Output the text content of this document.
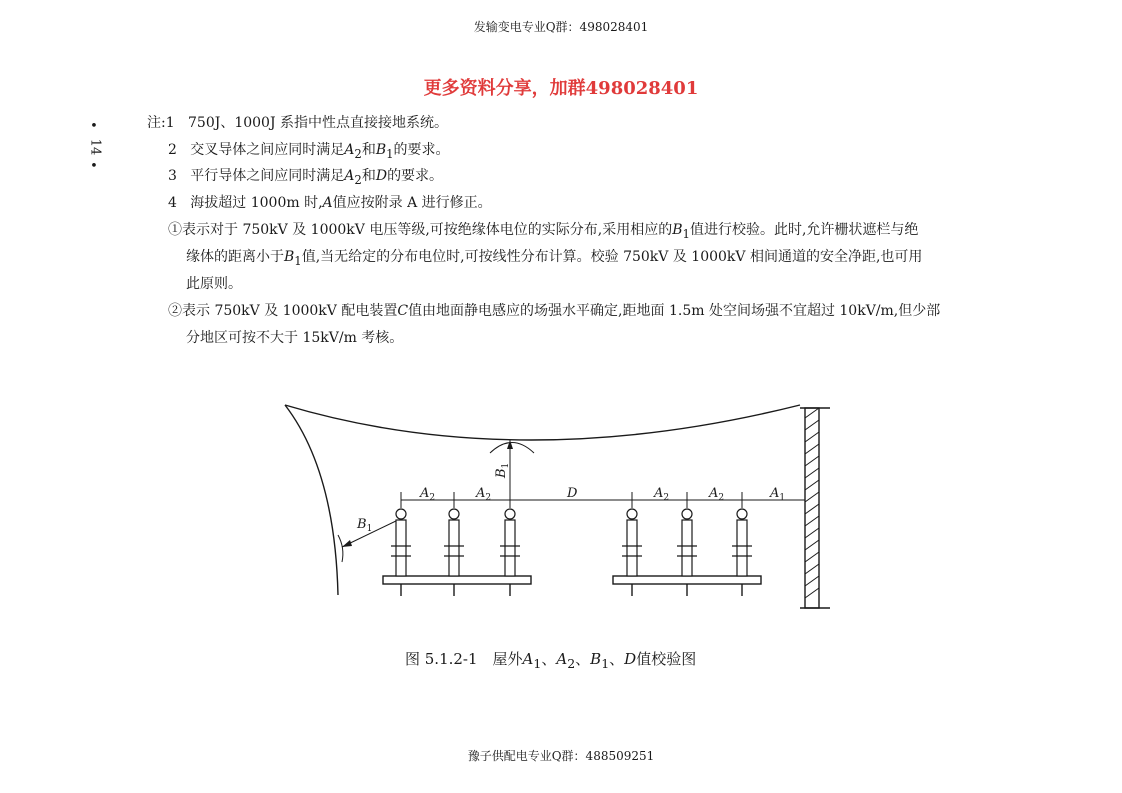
发输变电专业Q群：498028401
更多资料分享，加群498028401
•
14
•
注:1 750J、1000J 系指中性点直接接地系统。
2 交叉导体之间应同时满足$A_2$和$B_1$的要求。
3 平行导体之间应同时满足$A_2$和D的要求。
4 海拔超过 1000m 时,A值应按附录 A 进行修正。
①表示对于 750kV 及 1000kV 电压等级,可按绝缘体电位的实际分布,采用相应的$B_1$值进行校验。此时,允许栅状遮栏与绝
缘体的距离小于$B_1$值,当无给定的分布电位时,可按线性分布计算。校验 750kV 及 1000kV 相间通道的安全净距,也可用
此原则。
②表示 750kV 及 1000kV 配电装置C值由地面静电感应的场强水平确定,距地面 1.5m 处空间场强不宜超过 10kV/m,但少部
分地区可按不大于 15kV/m 考核。
$A_2$	$A_2$	D	$A_2$	$A_2$	$A_1$
$B_1$
$B_1$
图 5.1.2-1　屋外$A_1$、$A_2$、$B_1$、D值校验图
豫子供配电专业Q群：488509251
